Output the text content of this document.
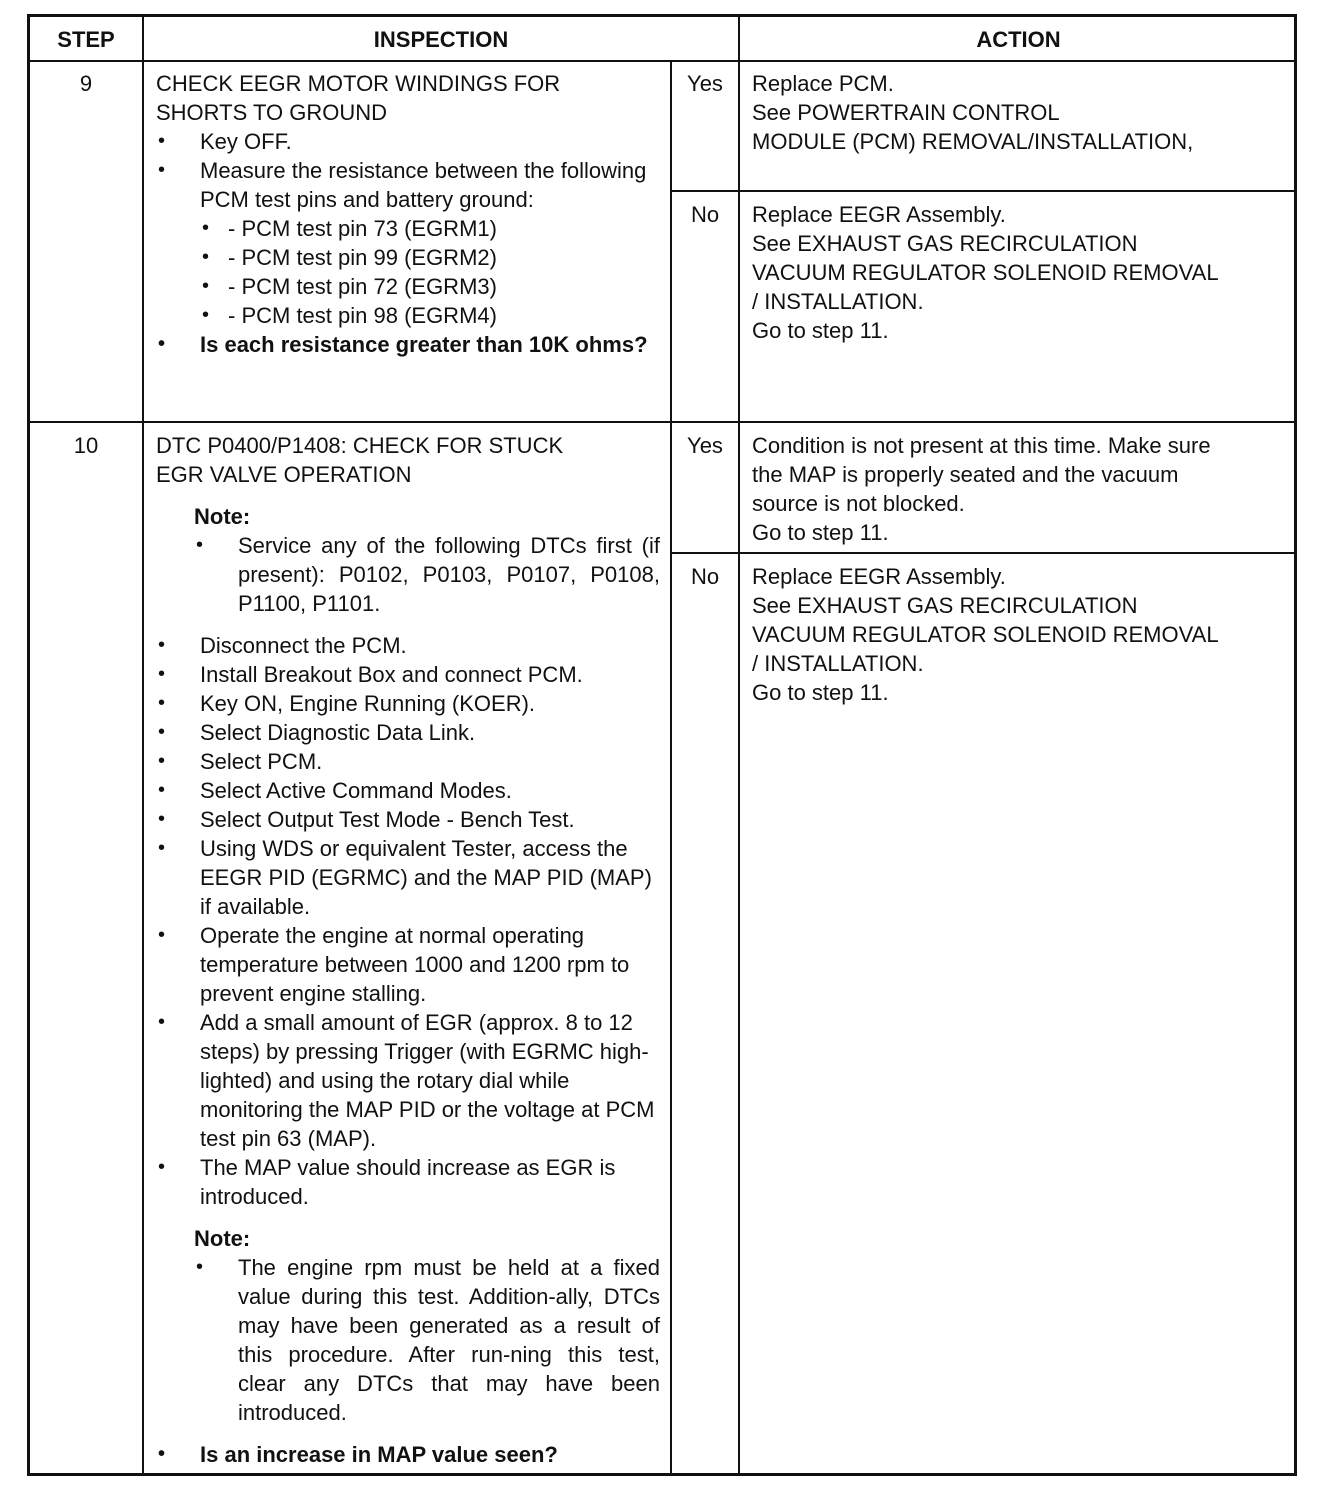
STEP	INSPECTION	ACTION
9	CHECK EEGR MOTOR WINDINGS FOR
SHORTS TO GROUND
• Key OFF.
• Measure the resistance between the following PCM test pins and battery ground:
• - PCM test pin 73 (EGRM1)
• - PCM test pin 99 (EGRM2)
• - PCM test pin 72 (EGRM3)
• - PCM test pin 98 (EGRM4)
• Is each resistance greater than 10K ohms?
Yes	Replace PCM.
See POWERTRAIN CONTROL
MODULE (PCM) REMOVAL/INSTALLATION,
No	Replace EEGR Assembly.
See EXHAUST GAS RECIRCULATION
VACUUM REGULATOR SOLENOID REMOVAL
/ INSTALLATION.
Go to step 11.
10	DTC P0400/P1408: CHECK FOR STUCK
EGR VALVE OPERATION
Note:
• Service any of the following DTCs first (if present): P0102, P0103, P0107, P0108, P1100, P1101.
• Disconnect the PCM.
• Install Breakout Box and connect PCM.
• Key ON, Engine Running (KOER).
• Select Diagnostic Data Link.
• Select PCM.
• Select Active Command Modes.
• Select Output Test Mode - Bench Test.
• Using WDS or equivalent Tester, access the EEGR PID (EGRMC) and the MAP PID (MAP) if available.
• Operate the engine at normal operating temperature between 1000 and 1200 rpm to prevent engine stalling.
• Add a small amount of EGR (approx. 8 to 12 steps) by pressing Trigger (with EGRMC high-lighted) and using the rotary dial while monitoring the MAP PID or the voltage at PCM test pin 63 (MAP).
• The MAP value should increase as EGR is introduced.
Note:
• The engine rpm must be held at a fixed value during this test. Addition-ally, DTCs may have been generated as a result of this procedure. After run-ning this test, clear any DTCs that may have been introduced.
• Is an increase in MAP value seen?
Yes	Condition is not present at this time. Make sure
the MAP is properly seated and the vacuum
source is not blocked.
Go to step 11.
No	Replace EEGR Assembly.
See EXHAUST GAS RECIRCULATION
VACUUM REGULATOR SOLENOID REMOVAL
/ INSTALLATION.
Go to step 11.
